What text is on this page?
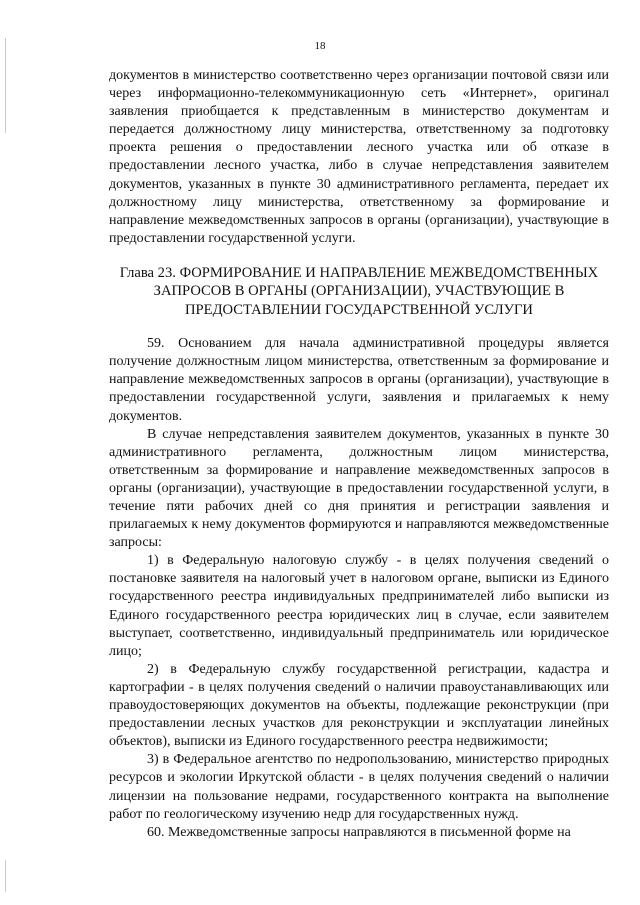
18

документов в министерство соответственно через организации почтовой связи или через информационно-телекоммуникационную сеть «Интернет», оригинал заявления приобщается к представленным в министерство документам и передается должностному лицу министерства, ответственному за подготовку проекта решения о предоставлении лесного участка или об отказе в предоставлении лесного участка, либо в случае непредставления заявителем документов, указанных в пункте 30 административного регламента, передает их должностному лицу министерства, ответственному за формирование и направление межведомственных запросов в органы (организации), участвующие в предоставлении государственной услуги.

Глава 23. ФОРМИРОВАНИЕ И НАПРАВЛЕНИЕ МЕЖВЕДОМСТВЕННЫХ ЗАПРОСОВ В ОРГАНЫ (ОРГАНИЗАЦИИ), УЧАСТВУЮЩИЕ В ПРЕДОСТАВЛЕНИИ ГОСУДАРСТВЕННОЙ УСЛУГИ

59. Основанием для начала административной процедуры является получение должностным лицом министерства, ответственным за формирование и направление межведомственных запросов в органы (организации), участвующие в предоставлении государственной услуги, заявления и прилагаемых к нему документов.

В случае непредставления заявителем документов, указанных в пункте 30 административного регламента, должностным лицом министерства, ответственным за формирование и направление межведомственных запросов в органы (организации), участвующие в предоставлении государственной услуги, в течение пяти рабочих дней со дня принятия и регистрации заявления и прилагаемых к нему документов формируются и направляются межведомственные запросы:

1) в Федеральную налоговую службу - в целях получения сведений о постановке заявителя на налоговый учет в налоговом органе, выписки из Единого государственного реестра индивидуальных предпринимателей либо выписки из Единого государственного реестра юридических лиц в случае, если заявителем выступает, соответственно, индивидуальный предприниматель или юридическое лицо;

2) в Федеральную службу государственной регистрации, кадастра и картографии - в целях получения сведений о наличии правоустанавливающих или правоудостоверяющих документов на объекты, подлежащие реконструкции (при предоставлении лесных участков для реконструкции и эксплуатации линейных объектов), выписки из Единого государственного реестра недвижимости;

3) в Федеральное агентство по недропользованию, министерство природных ресурсов и экологии Иркутской области - в целях получения сведений о наличии лицензии на пользование недрами, государственного контракта на выполнение работ по геологическому изучению недр для государственных нужд.

60. Межведомственные запросы направляются в письменной форме на
